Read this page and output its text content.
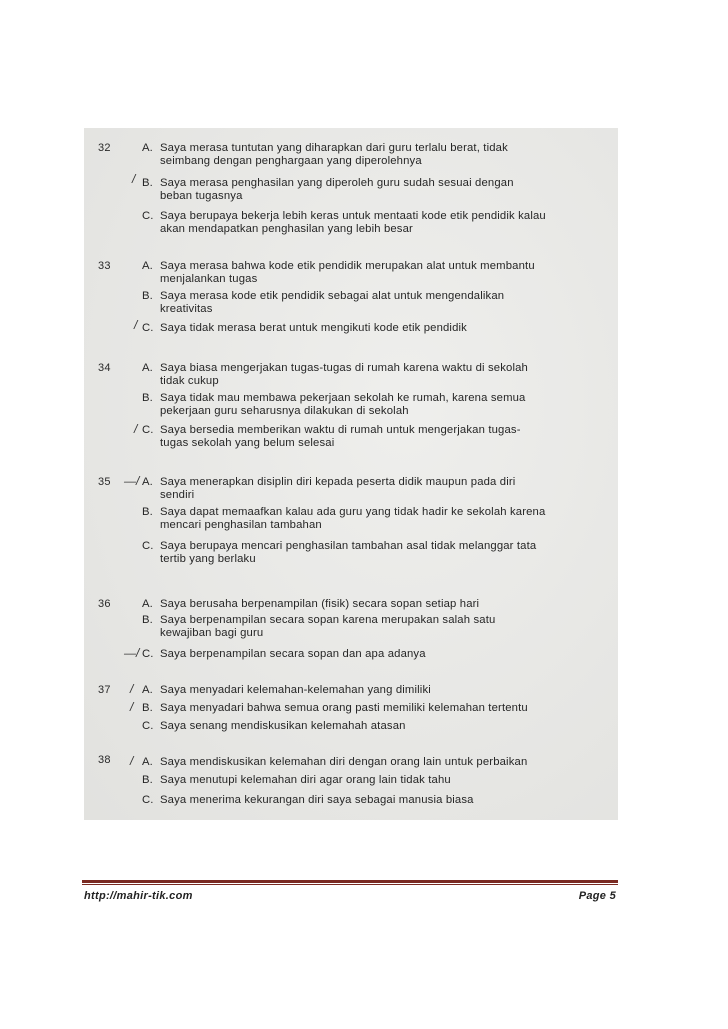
32	A. Saya merasa tuntutan yang diharapkan dari guru terlalu berat, tidak
seimbang dengan penghargaan yang diperolehnya
B. Saya merasa penghasilan yang diperoleh guru sudah sesuai dengan
beban tugasnya
C. Saya berupaya bekerja lebih keras untuk mentaati kode etik pendidik kalau
akan mendapatkan penghasilan yang lebih besar
/
33	A. Saya merasa bahwa kode etik pendidik merupakan alat untuk membantu
menjalankan tugas
B. Saya merasa kode etik pendidik sebagai alat untuk mengendalikan
kreativitas
C. Saya tidak merasa berat untuk mengikuti kode etik pendidik
/
34	A. Saya biasa mengerjakan tugas-tugas di rumah karena waktu di sekolah
tidak cukup
B. Saya tidak mau membawa pekerjaan sekolah ke rumah, karena semua
pekerjaan guru seharusnya dilakukan di sekolah
C. Saya bersedia memberikan waktu di rumah untuk mengerjakan tugas-
tugas sekolah yang belum selesai
/
35	A. Saya menerapkan disiplin diri kepada peserta didik maupun pada diri
sendiri
B. Saya dapat memaafkan kalau ada guru yang tidak hadir ke sekolah karena
mencari penghasilan tambahan
C. Saya berupaya mencari penghasilan tambahan asal tidak melanggar tata
tertib yang berlaku
—/
36	A. Saya berusaha berpenampilan (fisik) secara sopan setiap hari
B. Saya berpenampilan secara sopan karena merupakan salah satu
kewajiban bagi guru
C. Saya berpenampilan secara sopan dan apa adanya
—/
37	A. Saya menyadari kelemahan-kelemahan yang dimiliki
B. Saya menyadari bahwa semua orang pasti memiliki kelemahan tertentu
C. Saya senang mendiskusikan kelemahah atasan
/
/
38	A. Saya mendiskusikan kelemahan diri dengan orang lain untuk perbaikan
B. Saya menutupi kelemahan diri agar orang lain tidak tahu
C. Saya menerima kekurangan diri saya sebagai manusia biasa
/
http://mahir-tik.com	Page 5
